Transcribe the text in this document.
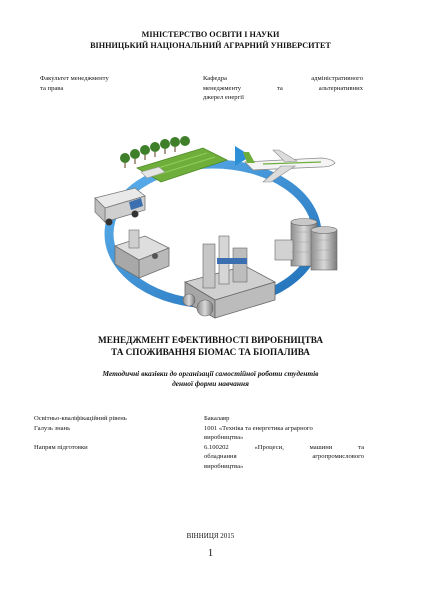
МІНІСТЕРСТВО ОСВІТИ І НАУКИ
ВІННИЦЬКИЙ НАЦІОНАЛЬНИЙ АГРАРНИЙ УНІВЕРСИТЕТ
Факультет менеджменту
та права
Кафедра адміністративного
менеджменту та альтернативних
джерел енергії
МЕНЕДЖМЕНТ ЕФЕКТИВНОСТІ ВИРОБНИЦТВА
ТА СПОЖИВАННЯ БІОМАС ТА БІОПАЛИВА
Методичні вказівки до організації самостійної роботи студентів
денної форми навчання
Освітньо-кваліфікаційний рівень	Бакалавр
Галузь знань	1001 «Техніка та енергетика аграрного
виробництва»
Напрям підготовки	6.100202 «Процеси, машини та
обладнання агропромислового
виробництва»
ВІННИЦЯ 2015
1
